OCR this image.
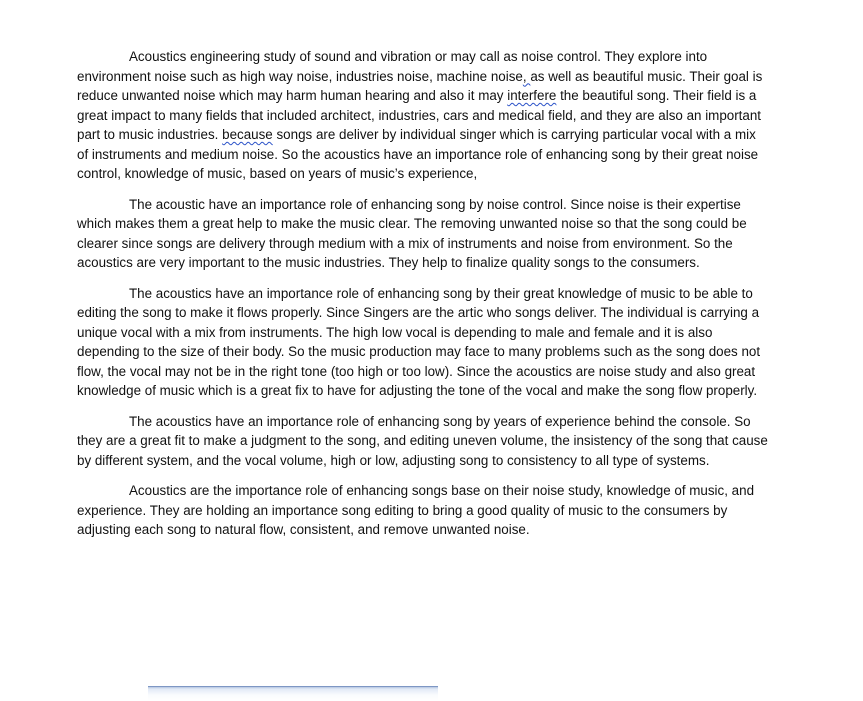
Acoustics engineering study of sound and vibration or may call as noise control. They explore into environment noise such as high way noise, industries noise, machine noise, as well as beautiful music. Their goal is reduce unwanted noise which may harm human hearing and also it may interfere the beautiful song. Their field is a great impact to many fields that included architect, industries, cars and medical field, and they are also an important part to music industries. because songs are deliver by individual singer which is carrying particular vocal with a mix of instruments and medium noise. So the acoustics have an importance role of enhancing song by their great noise control, knowledge of music, based on years of music’s experience,

The acoustic have an importance role of enhancing song by noise control. Since noise is their expertise which makes them a great help to make the music clear. The removing unwanted noise so that the song could be clearer since songs are delivery through medium with a mix of instruments and noise from environment. So the acoustics are very important to the music industries. They help to finalize quality songs to the consumers.

The acoustics have an importance role of enhancing song by their great knowledge of music to be able to editing the song to make it flows properly. Since Singers are the artic who songs deliver. The individual is carrying a unique vocal with a mix from instruments. The high low vocal is depending to male and female and it is also depending to the size of their body. So the music production may face to many problems such as the song does not flow, the vocal may not be in the right tone (too high or too low). Since the acoustics are noise study and also great knowledge of music which is a great fix to have for adjusting the tone of the vocal and make the song flow properly.

The acoustics have an importance role of enhancing song by years of experience behind the console. So they are a great fit to make a judgment to the song, and editing uneven volume, the insistency of the song that cause by different system, and the vocal volume, high or low, adjusting song to consistency to all type of systems.

Acoustics are the importance role of enhancing songs base on their noise study, knowledge of music, and experience. They are holding an importance song editing to bring a good quality of music to the consumers by adjusting each song to natural flow, consistent, and remove unwanted noise.
